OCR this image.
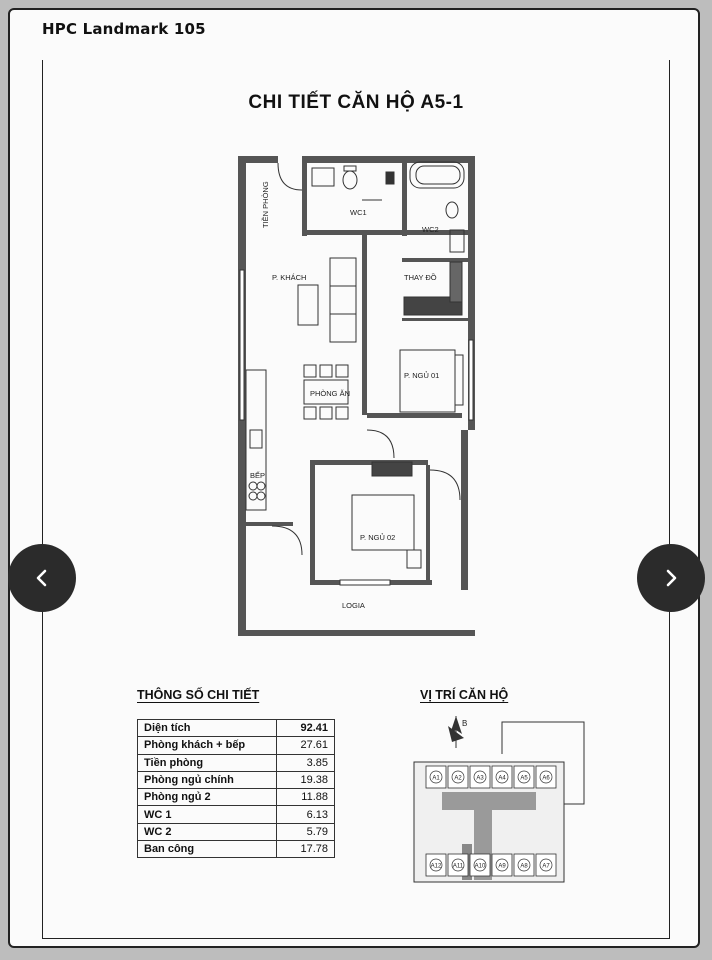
HPC Landmark 105
CHI TIẾT CĂN HỘ A5-1
TIỀN PHÒNG	WC1
WC2
P. KHÁCH	THAY ĐỒ
PHÒNG ĂN
P. NGỦ 01
BẾP
P. NGỦ 02
LOGIA
THÔNG SỐ CHI TIẾT
Diện tích	92.41
Phòng khách + bếp	27.61
Tiền phòng	3.85
Phòng ngủ chính	19.38
Phòng ngủ 2	11.88
WC 1	6.13
WC 2	5.79
Ban công	17.78
VỊ TRÍ CĂN HỘ
B
A1 A2 A3 A4 A5 A6
A12 A11 A10 A9 A8 A7
